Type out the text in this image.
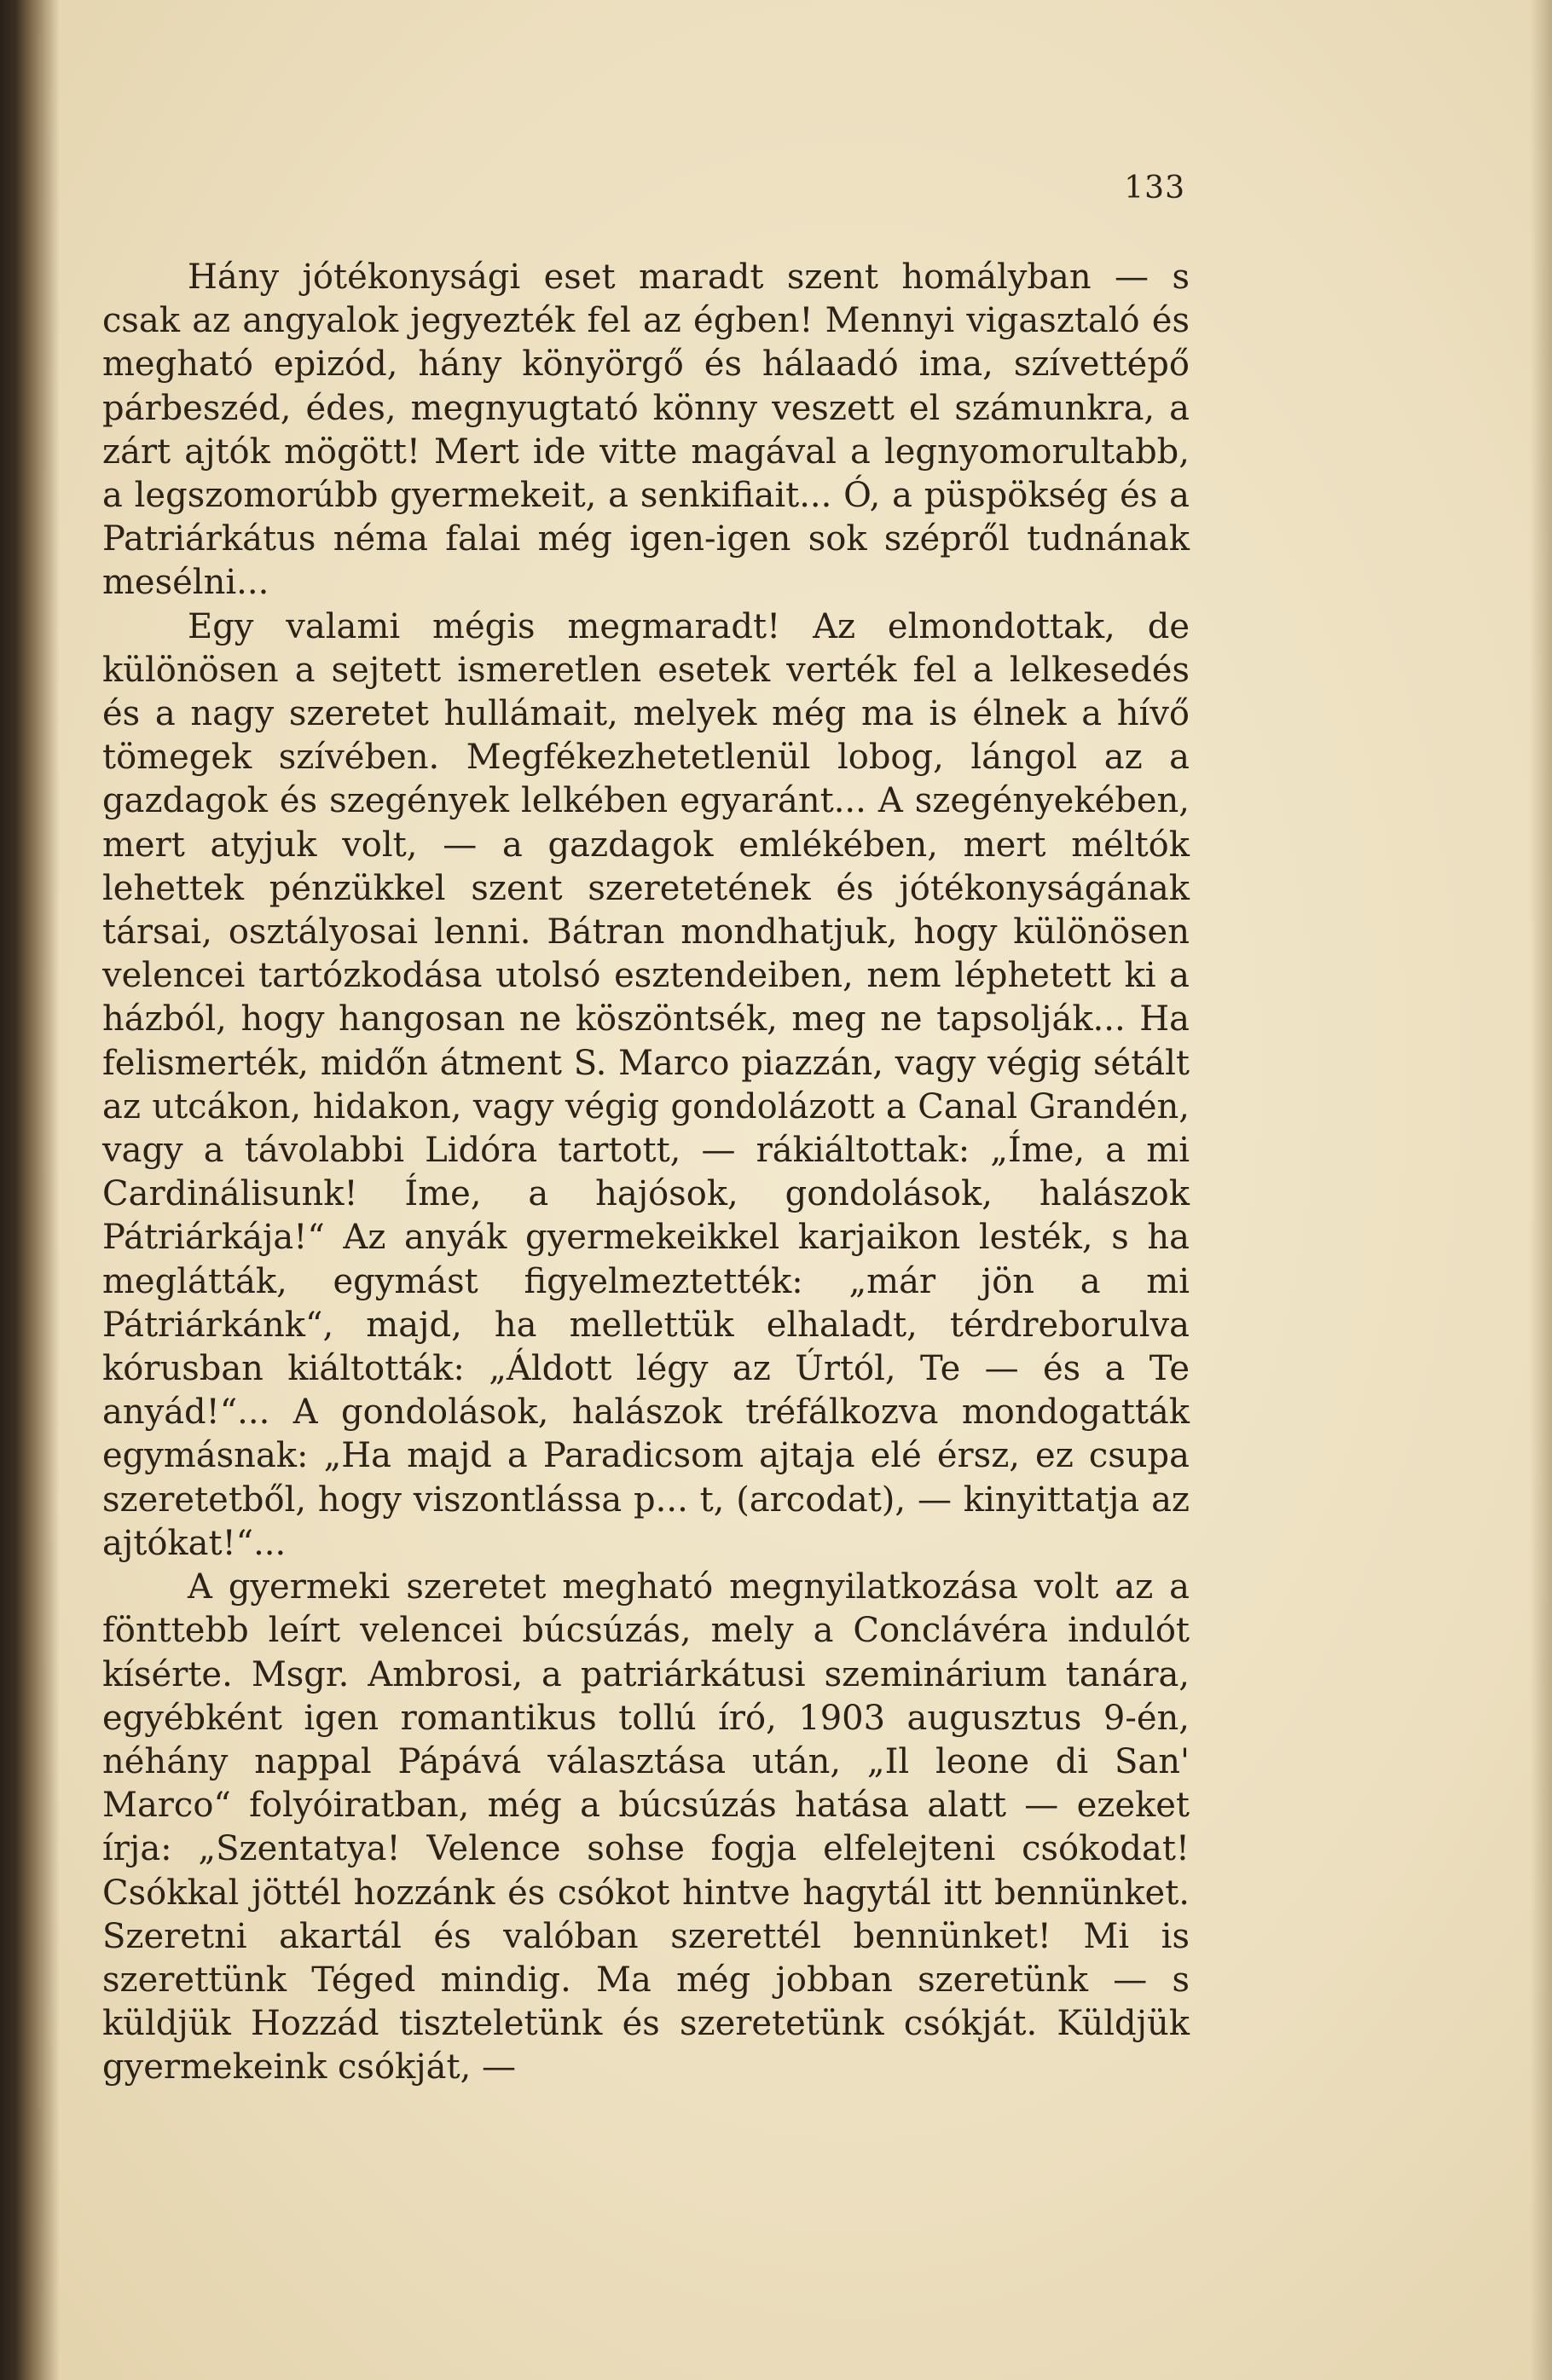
133

Hány jótékonysági eset maradt szent homályban — s csak az angyalok jegyezték fel az égben! Mennyi vigasztaló és megható epizód, hány könyörgő és hálaadó ima, szívettépő párbeszéd, édes, megnyugtató könny veszett el számunkra, a zárt ajtók mögött! Mert ide vitte magával a legnyomorultabb, a legszomorúbb gyermekeit, a senkifiait... Ó, a püspökség és a Patriárkátus néma falai még igen-igen sok szépről tudnának mesélni...

Egy valami mégis megmaradt! Az elmondottak, de különösen a sejtett ismeretlen esetek verték fel a lelkesedés és a nagy szeretet hullámait, melyek még ma is élnek a hívő tömegek szívében. Megfékezhetetlenül lobog, lángol az a gazdagok és szegények lelkében egyaránt... A szegényekében, mert atyjuk volt, — a gazdagok emlékében, mert méltók lehettek pénzükkel szent szeretetének és jótékonyságának társai, osztályosai lenni. Bátran mondhatjuk, hogy különösen velencei tartózkodása utolsó esztendeiben, nem léphetett ki a házból, hogy hangosan ne köszöntsék, meg ne tapsolják... Ha felismerték, midőn átment S. Marco piazzán, vagy végig sétált az utcákon, hidakon, vagy végig gondolázott a Canal Grandén, vagy a távolabbi Lidóra tartott, — rákiáltottak: „Íme, a mi Cardinálisunk! Íme, a hajósok, gondolások, halászok Pátriárkája!“ Az anyák gyermekeikkel karjaikon lesték, s ha meglátták, egymást figyelmeztették: „már jön a mi Pátriárkánk“, majd, ha mellettük elhaladt, térdreborulva kórusban kiáltották: „Áldott légy az Úrtól, Te — és a Te anyád!“... A gondolások, halászok tréfálkozva mondogatták egymásnak: „Ha majd a Paradicsom ajtaja elé érsz, ez csupa szeretetből, hogy viszontlássa p... t, (arcodat), — kinyittatja az ajtókat!“...

A gyermeki szeretet megható megnyilatkozása volt az a fönttebb leírt velencei búcsúzás, mely a Conclávéra indulót kísérte. Msgr. Ambrosi, a patriárkátusi szeminárium tanára, egyébként igen romantikus tollú író, 1903 augusztus 9-én, néhány nappal Pápává választása után, „Il leone di San' Marco“ folyóiratban, még a búcsúzás hatása alatt — ezeket írja: „Szentatya! Velence sohse fogja elfelejteni csókodat! Csókkal jöttél hozzánk és csókot hintve hagytál itt bennünket. Szeretni akartál és valóban szerettél bennünket! Mi is szerettünk Téged mindig. Ma még jobban szeretünk — s küldjük Hozzád tiszteletünk és szeretetünk csókját. Küldjük gyermekeink csókját, —
